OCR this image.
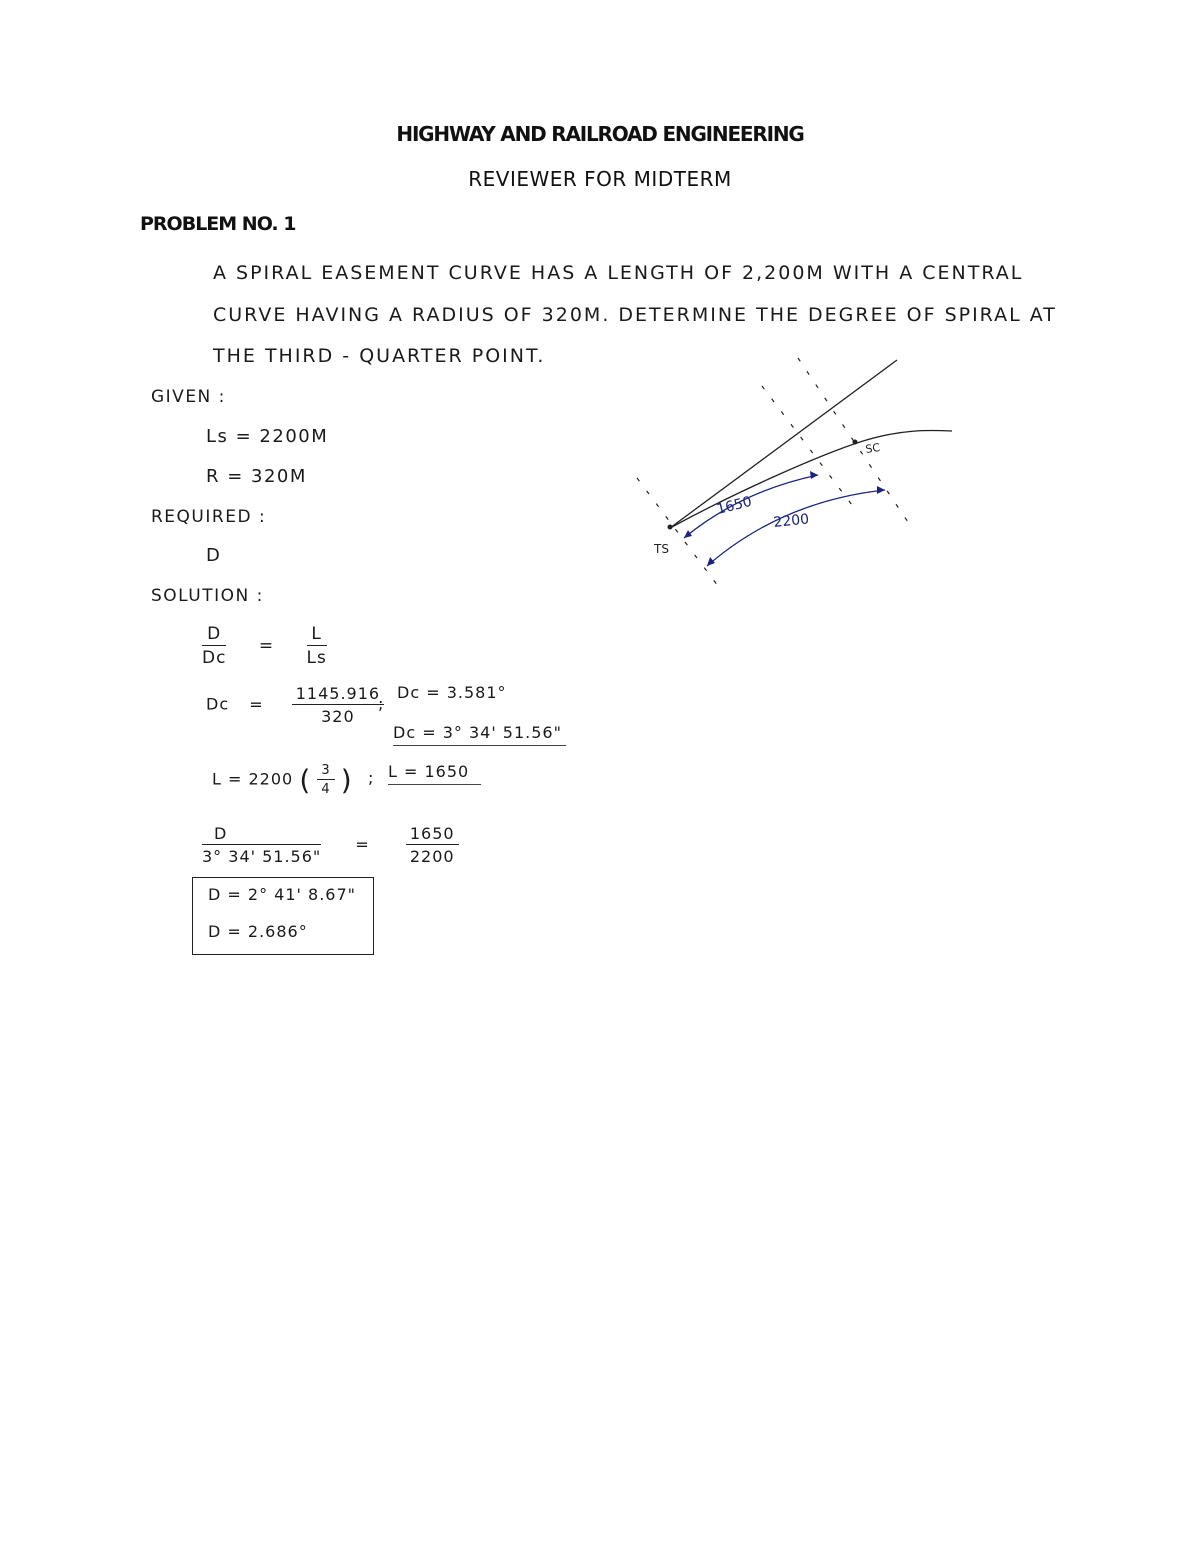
HIGHWAY AND RAILROAD ENGINEERING
REVIEWER FOR MIDTERM
PROBLEM NO. 1
A SPIRAL EASEMENT CURVE HAS A LENGTH OF 2,200M WITH A CENTRAL
CURVE HAVING A RADIUS OF 320M. DETERMINE THE DEGREE OF SPIRAL AT
THE THIRD - QUARTER POINT.
GIVEN :
Ls = 2200M
R = 320M
REQUIRED :
D
SOLUTION :
$\frac{D}{Dc} = \frac{L}{Ls}$
$Dc = \frac{1145.916}{320}$
;
Dc = 3.581°
Dc = 3° 34' 51.56"
L = 2200 ( $\frac{3}{4}$ ) ; L = 1650
$\frac{D}{3^\circ 34' 51.56"} = \frac{1650}{2200}$
D = 2° 41' 8.67"
D = 2.686°
TS
SC
1650
2200
